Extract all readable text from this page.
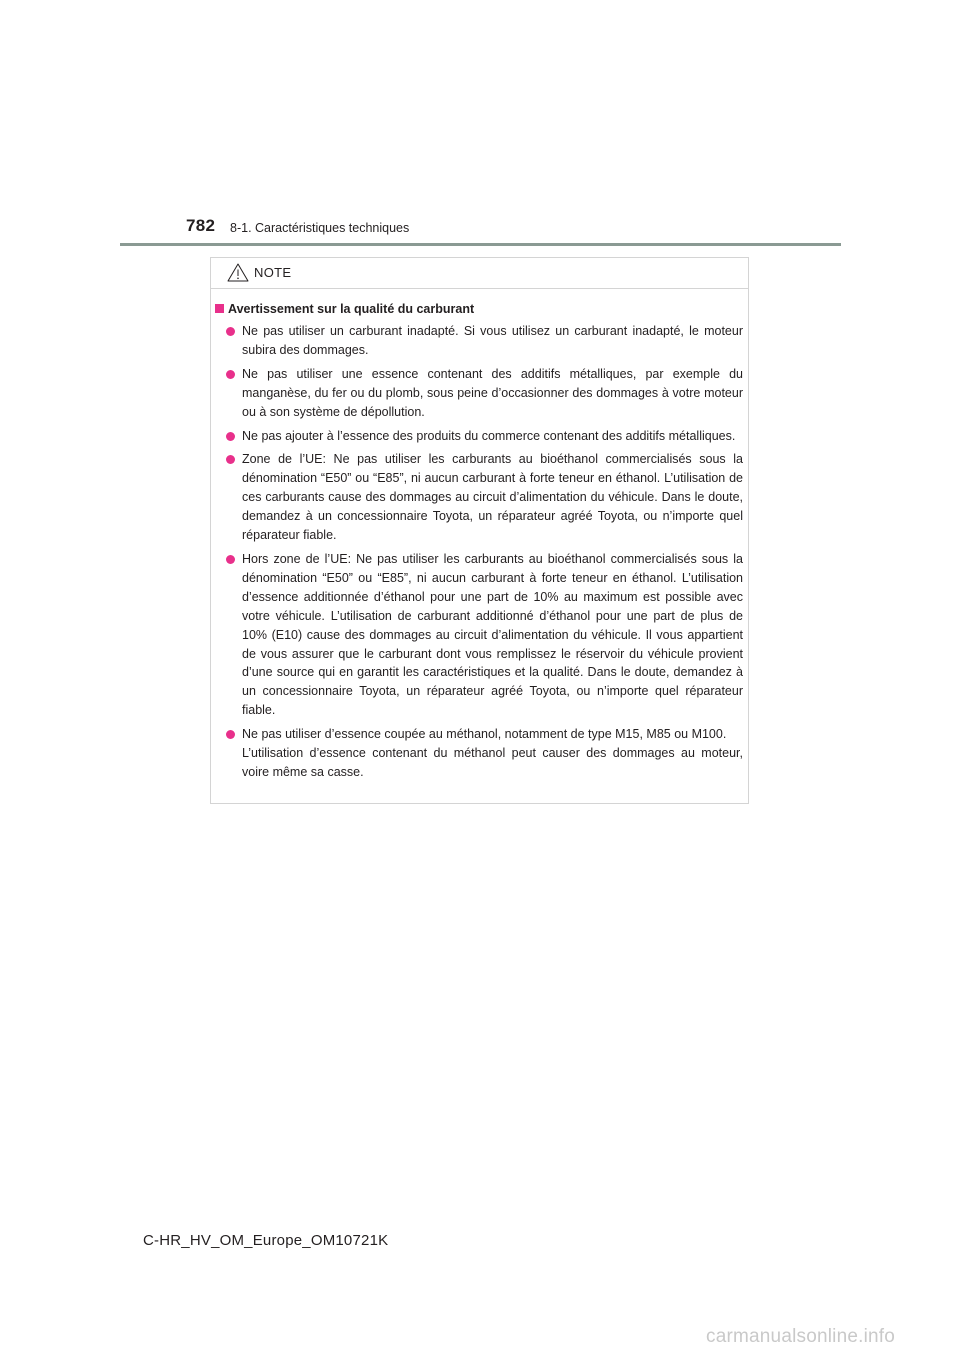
782 8-1. Caractéristiques techniques
NOTE
Avertissement sur la qualité du carburant
Ne pas utiliser un carburant inadapté. Si vous utilisez un carburant inadapté, le moteur subira des dommages.
Ne pas utiliser une essence contenant des additifs métalliques, par exemple du manganèse, du fer ou du plomb, sous peine d’occasionner des dommages à votre moteur ou à son système de dépollution.
Ne pas ajouter à l’essence des produits du commerce contenant des additifs métalliques.
Zone de l’UE: Ne pas utiliser les carburants au bioéthanol commercialisés sous la dénomination “E50” ou “E85”, ni aucun carburant à forte teneur en éthanol. L’utilisation de ces carburants cause des dommages au circuit d’alimentation du véhicule. Dans le doute, demandez à un concessionnaire Toyota, un réparateur agréé Toyota, ou n’importe quel réparateur fiable.
Hors zone de l’UE: Ne pas utiliser les carburants au bioéthanol commercialisés sous la dénomination “E50” ou “E85”, ni aucun carburant à forte teneur en éthanol. L’utilisation d’essence additionnée d’éthanol pour une part de 10% au maximum est possible avec votre véhicule. L’utilisation de carburant additionné d’éthanol pour une part de plus de 10% (E10) cause des dommages au circuit d’alimentation du véhicule. Il vous appartient de vous assurer que le carburant dont vous remplissez le réservoir du véhicule provient d’une source qui en garantit les caractéristiques et la qualité. Dans le doute, demandez à un concessionnaire Toyota, un réparateur agréé Toyota, ou n’importe quel réparateur fiable.
Ne pas utiliser d’essence coupée au méthanol, notamment de type M15, M85 ou M100.
L’utilisation d’essence contenant du méthanol peut causer des dommages au moteur, voire même sa casse.
C-HR_HV_OM_Europe_OM10721K
carmanualsonline.info
